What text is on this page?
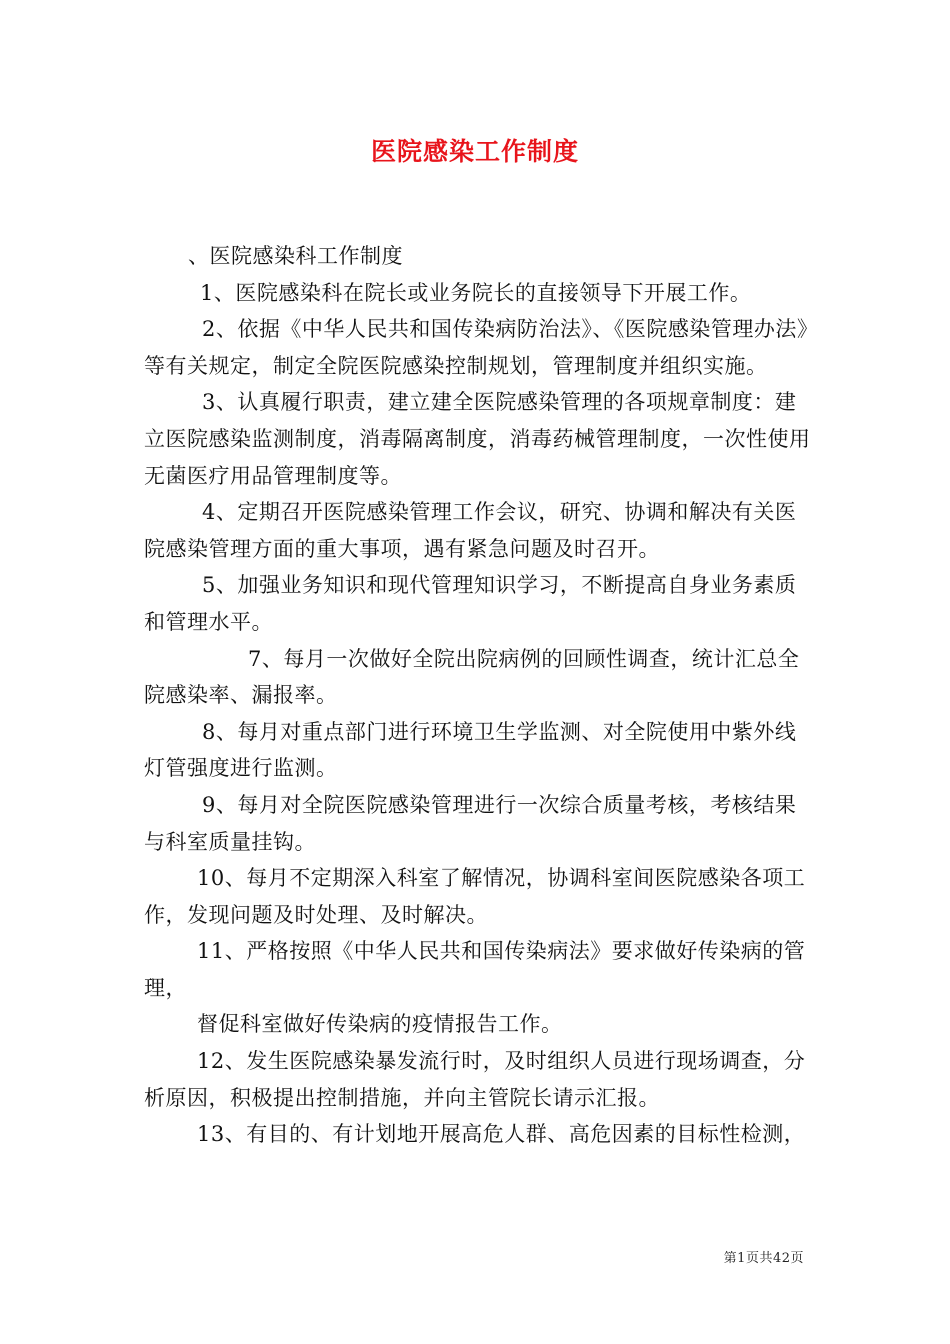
医院感染工作制度

、医院感染科工作制度

1、医院感染科在院长或业务院长的直接领导下开展工作。

2、依据《中华人民共和国传染病防治法》、《医院感染管理办法》等有关规定，制定全院医院感染控制规划，管理制度并组织实施。

3、认真履行职责，建立建全医院感染管理的各项规章制度：建立医院感染监测制度，消毒隔离制度，消毒药械管理制度，一次性使用无菌医疗用品管理制度等。

4、定期召开医院感染管理工作会议，研究、协调和解决有关医院感染管理方面的重大事项，遇有紧急问题及时召开。

5、加强业务知识和现代管理知识学习，不断提高自身业务素质和管理水平。

7、每月一次做好全院出院病例的回顾性调查，统计汇总全院感染率、漏报率。

8、每月对重点部门进行环境卫生学监测、对全院使用中紫外线灯管强度进行监测。

9、每月对全院医院感染管理进行一次综合质量考核，考核结果与科室质量挂钩。

10、每月不定期深入科室了解情况，协调科室间医院感染各项工作，发现问题及时处理、及时解决。

11、严格按照《中华人民共和国传染病法》要求做好传染病的管理，

督促科室做好传染病的疫情报告工作。

12、发生医院感染暴发流行时，及时组织人员进行现场调查，分析原因，积极提出控制措施，并向主管院长请示汇报。

13、有目的、有计划地开展高危人群、高危因素的目标性检测，

第1页共42页
